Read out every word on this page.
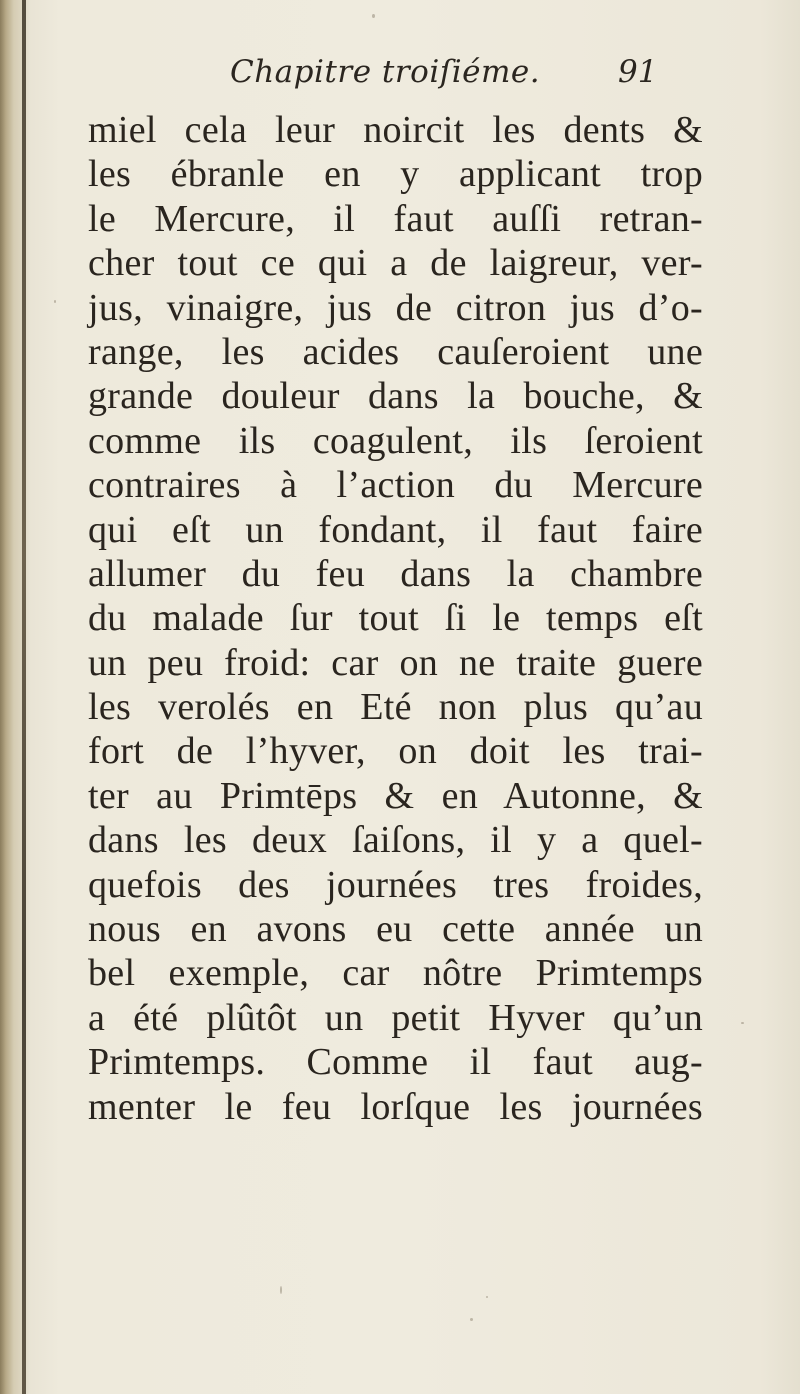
Chapitre troiſiéme.	91
miel cela leur noircit les dents &
les ébranle en y applicant trop
le Mercure, il faut auſſi retran-
cher tout ce qui a de laigreur, ver-
jus, vinaigre, jus de citron jus d’o-
range, les acides cauſeroient une
grande douleur dans la bouche, &
comme ils coagulent, ils ſeroient
contraires à l’action du Mercure
qui eſt un fondant, il faut faire
allumer du feu dans la chambre
du malade ſur tout ſi le temps eſt
un peu froid: car on ne traite guere
les verolés en Eté non plus qu’au
fort de l’hyver, on doit les trai-
ter au Primtēps & en Autonne, &
dans les deux ſaiſons, il y a quel-
quefois des journées tres froides,
nous en avons eu cette année un
bel exemple, car nôtre Primtemps
a été plûtôt un petit Hyver qu’un
Primtemps. Comme il faut aug-
menter le feu lorſque les journées
